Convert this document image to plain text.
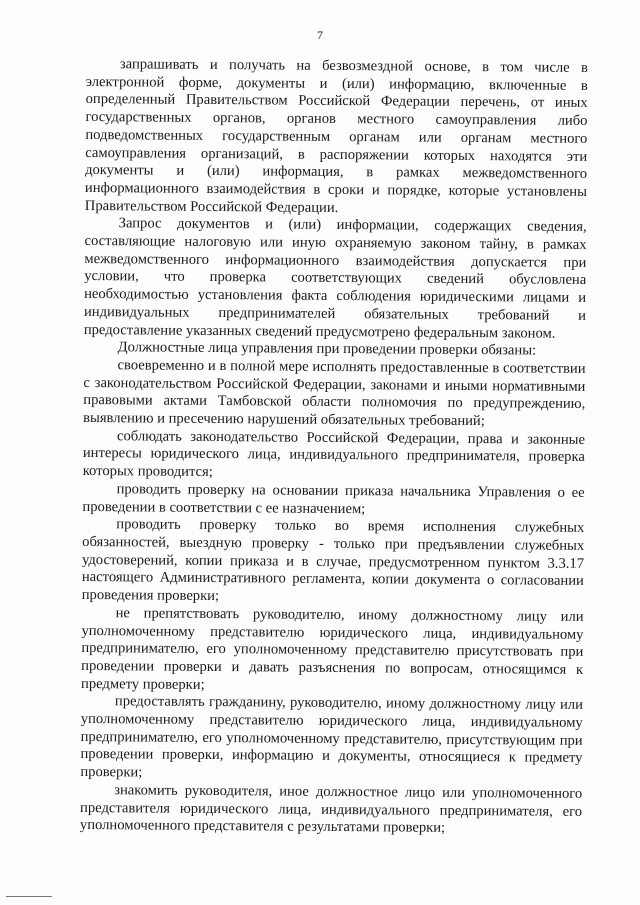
7

запрашивать и получать на безвозмездной основе, в том числе в электронной форме, документы и (или) информацию, включенные в определенный Правительством Российской Федерации перечень, от иных государственных органов, органов местного самоуправления либо подведомственных государственным органам или органам местного самоуправления организаций, в распоряжении которых находятся эти документы и (или) информация, в рамках межведомственного информационного взаимодействия в сроки и порядке, которые установлены Правительством Российской Федерации.

Запрос документов и (или) информации, содержащих сведения, составляющие налоговую или иную охраняемую законом тайну, в рамках межведомственного информационного взаимодействия допускается при условии, что проверка соответствующих сведений обусловлена необходимостью установления факта соблюдения юридическими лицами и индивидуальных предпринимателей обязательных требований и предоставление указанных сведений предусмотрено федеральным законом.

Должностные лица управления при проведении проверки обязаны:

своевременно и в полной мере исполнять предоставленные в соответствии с законодательством Российской Федерации, законами и иными нормативными правовыми актами Тамбовской области полномочия по предупреждению, выявлению и пресечению нарушений обязательных требований;

соблюдать законодательство Российской Федерации, права и законные интересы юридического лица, индивидуального предпринимателя, проверка которых проводится;

проводить проверку на основании приказа начальника Управления о ее проведении в соответствии с ее назначением;

проводить проверку только во время исполнения служебных обязанностей, выездную проверку - только при предъявлении служебных удостоверений, копии приказа и в случае, предусмотренном пунктом 3.3.17 настоящего Административного регламента, копии документа о согласовании проведения проверки;

не препятствовать руководителю, иному должностному лицу или уполномоченному представителю юридического лица, индивидуальному предпринимателю, его уполномоченному представителю присутствовать при проведении проверки и давать разъяснения по вопросам, относящимся к предмету проверки;

предоставлять гражданину, руководителю, иному должностному лицу или уполномоченному представителю юридического лица, индивидуальному предпринимателю, его уполномоченному представителю, присутствующим при проведении проверки, информацию и документы, относящиеся к предмету проверки;

знакомить руководителя, иное должностное лицо или уполномоченного представителя юридического лица, индивидуального предпринимателя, его уполномоченного представителя с результатами проверки;
